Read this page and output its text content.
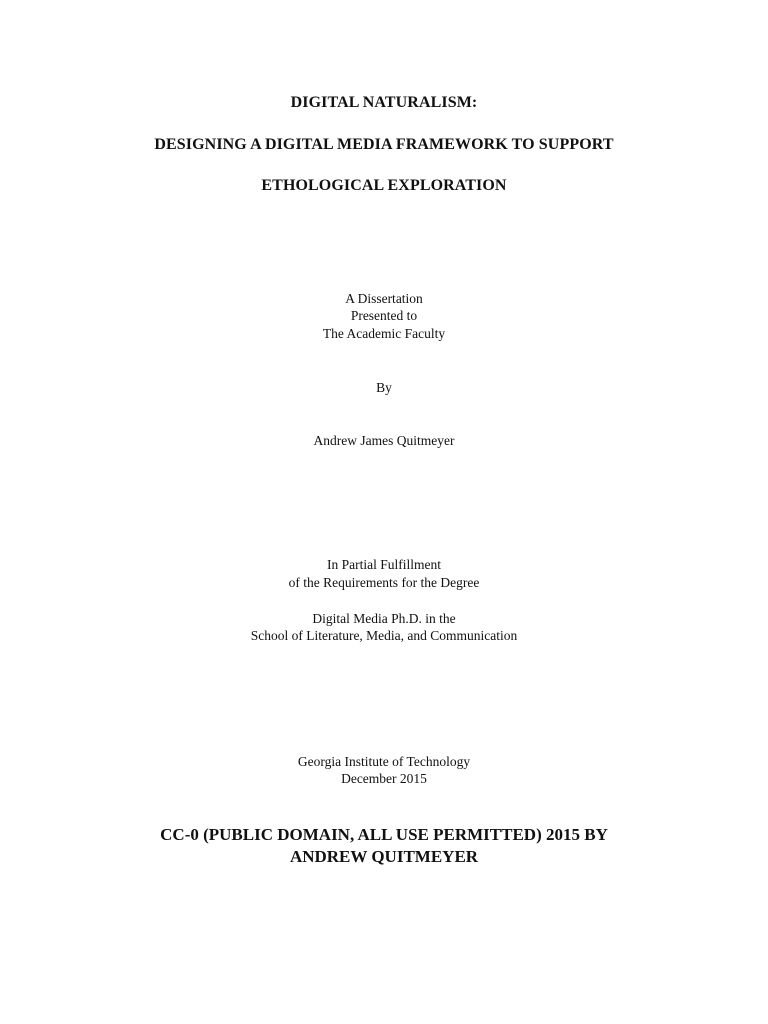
DIGITAL NATURALISM:
DESIGNING A DIGITAL MEDIA FRAMEWORK TO SUPPORT
ETHOLOGICAL EXPLORATION
A Dissertation
Presented to
The Academic Faculty
By
Andrew James Quitmeyer
In Partial Fulfillment
of the Requirements for the Degree
Digital Media Ph.D. in the
School of Literature, Media, and Communication
Georgia Institute of Technology
December 2015
CC-0 (PUBLIC DOMAIN, ALL USE PERMITTED) 2015 BY
ANDREW QUITMEYER
